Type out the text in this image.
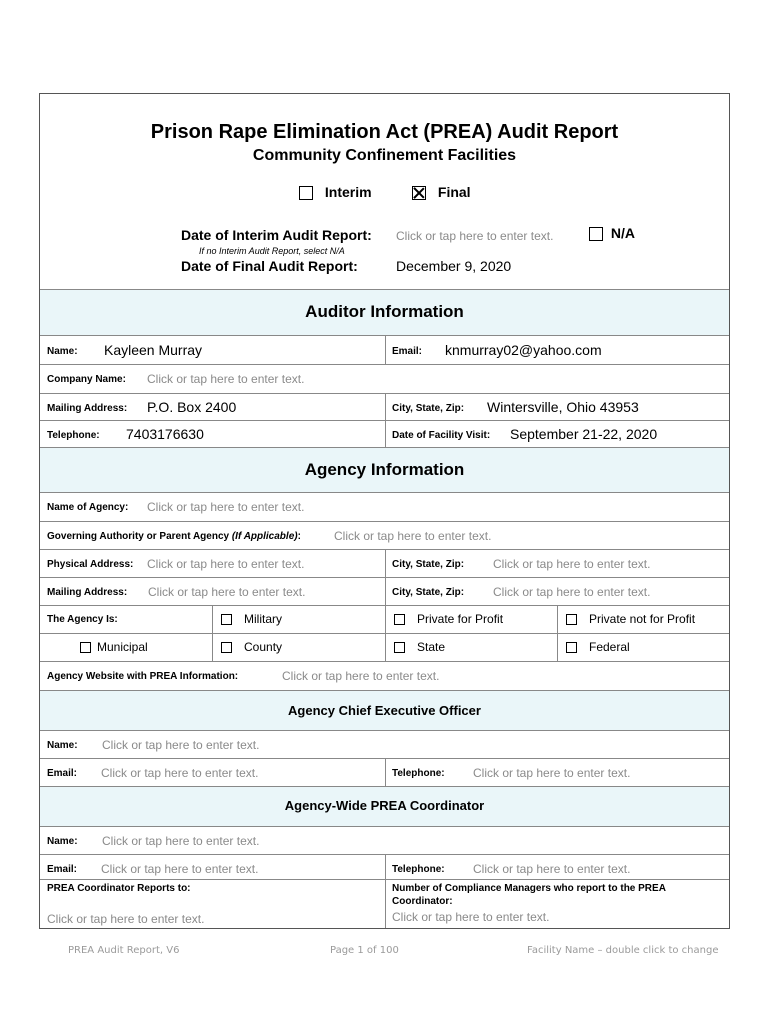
Prison Rape Elimination Act (PREA) Audit Report
Community Confinement Facilities
Interim	Final
Date of Interim Audit Report: Click or tap here to enter text.	N/A
If no Interim Audit Report, select N/A
Date of Final Audit Report:	December 9, 2020
Auditor Information
Name: Kayleen Murray	Email: knmurray02@yahoo.com
Company Name: Click or tap here to enter text.
Mailing Address: P.O. Box 2400	City, State, Zip: Wintersville, Ohio 43953
Telephone: 7403176630	Date of Facility Visit: September 21-22, 2020
Agency Information
Name of Agency: Click or tap here to enter text.
Governing Authority or Parent Agency (If Applicable):	Click or tap here to enter text.
Physical Address: Click or tap here to enter text.	City, State, Zip: Click or tap here to enter text.
Mailing Address: Click or tap here to enter text.	City, State, Zip: Click or tap here to enter text.
The Agency Is:	Military	Private for Profit	Private not for Profit
Municipal	County	State	Federal
Agency Website with PREA Information:	Click or tap here to enter text.
Agency Chief Executive Officer
Name: Click or tap here to enter text.
Email: Click or tap here to enter text.	Telephone: Click or tap here to enter text.
Agency-Wide PREA Coordinator
Name: Click or tap here to enter text.
Email: Click or tap here to enter text.	Telephone: Click or tap here to enter text.
PREA Coordinator Reports to:
Click or tap here to enter text.
Number of Compliance Managers who report to the PREA
Coordinator:
Click or tap here to enter text.
PREA Audit Report, V6	Page 1 of 100	Facility Name – double click to change
